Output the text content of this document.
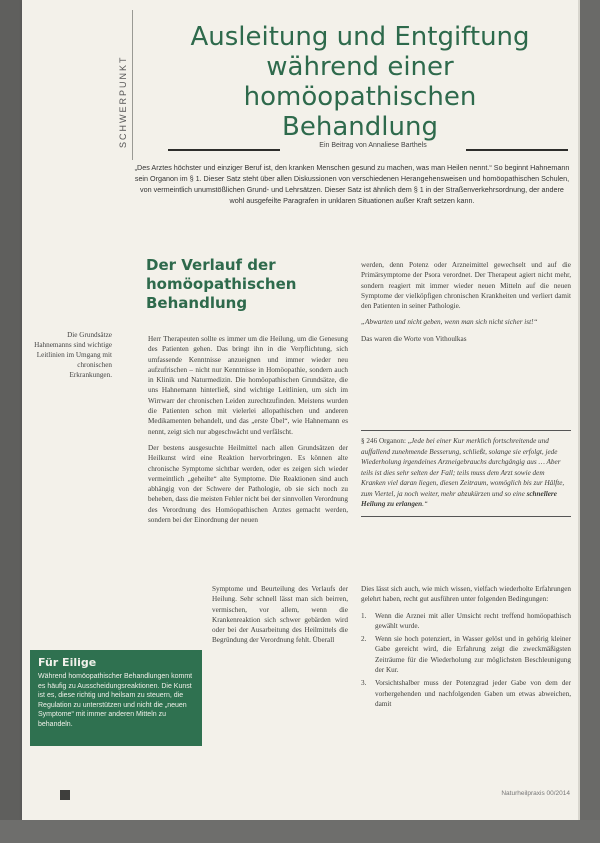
SCHWERPUNKT
Ausleitung und Entgiftung
während einer homöopathischen
Behandlung
Ein Beitrag von Annaliese Barthels
„Des Arztes höchster und einziger Beruf ist, den kranken Menschen gesund zu machen, was man Heilen nennt.“ So beginnt Hahnemann sein Organon im § 1. Dieser Satz steht über allen Diskussionen von verschiedenen Herangehensweisen und homöopathischen Schulen, von vermeintlich unumstößlichen Grund- und Lehrsätzen. Dieser Satz ist ähnlich dem § 1 in der Straßenverkehrsordnung, der andere wohl ausgefeilte Paragrafen in unklaren Situationen außer Kraft setzen kann.
Der Verlauf der
homöopathischen
Behandlung
Die Grundsätze Hahnemanns sind wichtige Leitlinien im Umgang mit chronischen Erkrankungen.

Herr Therapeuten sollte es immer um die Heilung, um die Genesung des Patienten gehen. Das bringt ihn in die Verpflichtung, sich umfassende Kenntnisse anzueignen und immer wieder neu aufzufrischen – nicht nur Kenntnisse in Homöopathie, sondern auch in Klinik und Naturmedizin. Die homöopathischen Grundsätze, die uns Hahnemann hinterließ, sind wichtige Leitlinien, um sich im Wirrwarr der chronischen Leiden zurechtzufinden. Meistens wurden die Patienten schon mit vielerlei allopathischen und anderen Medikamenten behandelt, und das „erste Übel“, wie Hahnemann es nennt, zeigt sich nur abgeschwächt und verfälscht.

Der bestens ausgesuchte Heilmittel nach allen Grundsätzen der Heilkunst wird eine Reaktion hervorbringen. Es können alte chronische Symptome sichtbar werden, oder es zeigen sich wieder vermeintlich „geheilte“ alte Symptome. Die Reaktionen sind auch abhängig von der Schwere der Pathologie, ob sie sich noch zu beheben, dass die meisten Fehler nicht bei der sinnvollen Verordnung des Verordnung des Homöopathischen Arztes gemacht werden, sondern bei der Einordnung der neuen

Symptome und Beurteilung des Verlaufs der Heilung. Sehr schnell lässt man sich beirren, vermischen, vor allem, wenn die Krankenreaktion sich schwer gebärden wird oder bei der Ausarbeitung des Heilmittels die Begründung der Verordnung fehlt. Überall

werden, denn Potenz oder Arzneimittel gewechselt und auf die Primärsymptome der Psora verordnet. Der Therapeut agiert nicht mehr, sondern reagiert mit immer wieder neuen Mitteln auf die neuen Symptome der vielköpfigen chronischen Krankheiten und verliert damit den Patienten in seiner Pathologie.

„Abwarten und nicht geben, wenn man sich nicht sicher ist!“

Das waren die Worte von Vithoulkas

§ 246 Organon: „Jede bei einer Kur merklich fortschreitende und auffallend zunehmende Besserung, schließt, solange sie erfolgt, jede Wiederholung irgendeines Arzneigebrauchs durchgängig aus … Aber teils ist dies sehr selten der Fall; teils muss dem Arzt sowie dem Kranken viel daran liegen, diesen Zeitraum, womöglich bis zur Hälfte, zum Viertel, ja noch weiter, mehr abzukürzen und so eine schnellere Heilung zu erlangen.“

Dies lässt sich auch, wie mich wissen, vielfach wiederholte Erfahrungen gelehrt haben, recht gut ausführen unter folgenden Bedingungen:

1. Wenn die Arznei mit aller Umsicht recht treffend homöopathisch gewählt wurde.
2. Wenn sie hoch potenziert, in Wasser gelöst und in gehörig kleiner Gabe gereicht wird, die Erfahrung zeigt die zweckmäßigsten Zeiträume für die Wiederholung zur möglichsten Beschleunigung der Kur.
3. Vorsichtshalber muss der Potenzgrad jeder Gabe von dem der vorhergehenden und nachfolgenden Gaben um etwas abweichen, damit
Für Eilige
Während homöopathischer Behandlungen kommt es häufig zu Ausscheidungsreaktionen. Die Kunst ist es, diese richtig und heilsam zu steuern, die Regulation zu unterstützen und nicht die „neuen Symptome“ mit immer anderen Mitteln zu behandeln.
Naturheilpraxis 00/2014
